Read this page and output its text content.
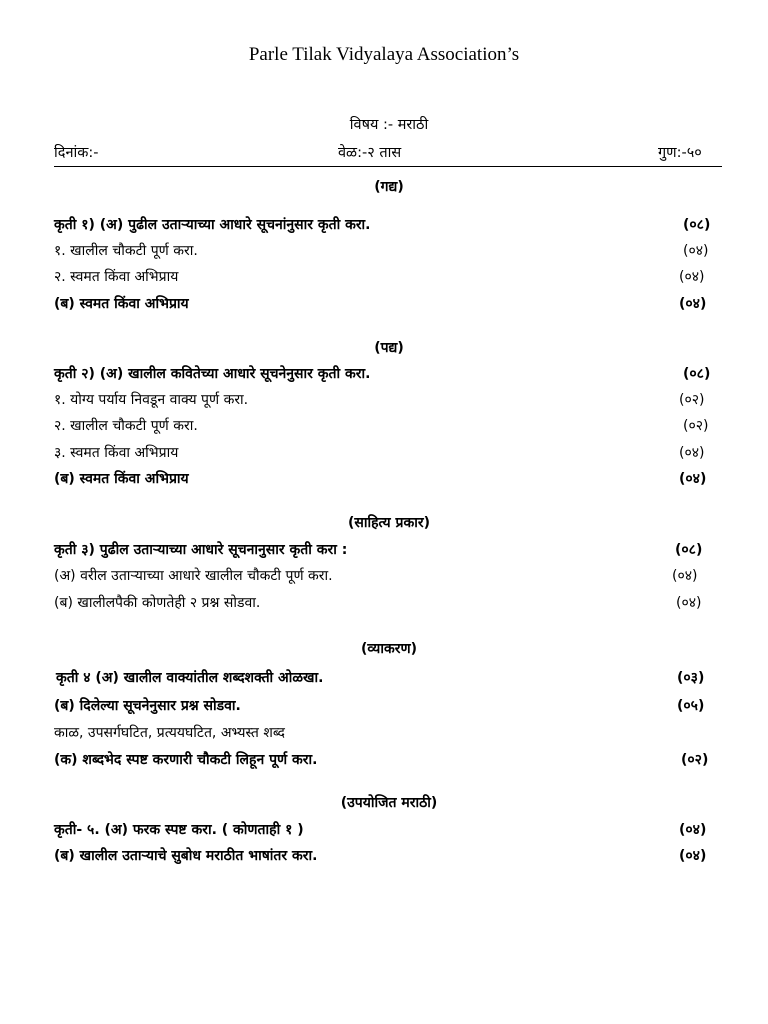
Parle Tilak Vidyalaya Association’s
विषय :- मराठी
दिनांक:-	वेळ:-२ तास	गुण:-५०
(गद्य)
कृती १) (अ) पुढील उताऱ्याच्या आधारे सूचनांनुसार कृती करा.	(०८)
१. खालील चौकटी पूर्ण करा.	(०४)
२. स्वमत किंवा अभिप्राय	(०४)
(ब) स्वमत किंवा अभिप्राय	(०४)
(पद्य)
कृती २) (अ) खालील कवितेच्या आधारे सूचनेनुसार कृती करा.	(०८)
१. योग्य पर्याय निवडून वाक्य पूर्ण करा.	(०२)
२. खालील चौकटी पूर्ण करा.	(०२)
३. स्वमत किंवा अभिप्राय	(०४)
(ब) स्वमत किंवा अभिप्राय	(०४)
(साहित्य प्रकार)
कृती ३) पुढील उताऱ्याच्या आधारे सूचनानुसार कृती करा :	(०८)
(अ) वरील उताऱ्याच्या आधारे खालील चौकटी पूर्ण करा.	(०४)
(ब) खालीलपैकी कोणतेही २ प्रश्न सोडवा.	(०४)
(व्याकरण)
कृती ४ (अ) खालील वाक्यांतील शब्दशक्ती ओळखा.	(०३)
(ब) दिलेल्या सूचनेनुसार प्रश्न सोडवा.	(०५)
काळ, उपसर्गघटित, प्रत्ययघटित, अभ्यस्त शब्द
(क) शब्दभेद स्पष्ट करणारी चौकटी लिहून पूर्ण करा.	(०२)
(उपयोजित मराठी)
कृती- ५. (अ) फरक स्पष्ट करा. ( कोणताही १ )	(०४)
(ब) खालील उताऱ्याचे सुबोध मराठीत भाषांतर करा.	(०४)
